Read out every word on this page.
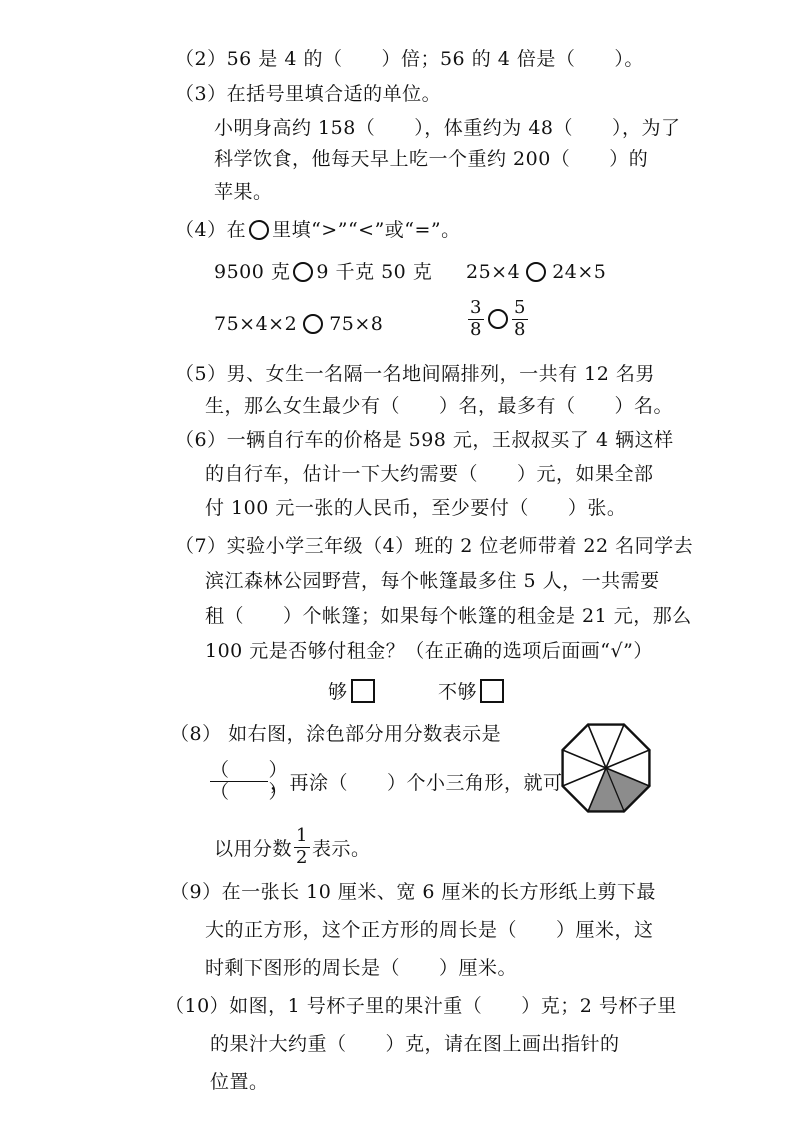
（2）56 是 4 的（　　）倍；56 的 4 倍是（　　）。
（3）在括号里填合适的单位。
小明身高约 158（　　），体重约为 48（　　），为了
科学饮食，他每天早上吃一个重约 200（　　）的
苹果。
（4）在 里填“>”“<”或“=”。
9500 克 9 千克 50 克 25×4 24×5
75×4×2 75×8	$\frac{3}{8} \frac{5}{8}$
（5）男、女生一名隔一名地间隔排列，一共有 12 名男
生，那么女生最少有（　　）名，最多有（　　）名。
（6）一辆自行车的价格是 598 元，王叔叔买了 4 辆这样
的自行车，估计一下大约需要（　　）元，如果全部
付 100 元一张的人民币，至少要付（　　）张。
（7）实验小学三年级（4）班的 2 位老师带着 22 名同学去
滨江森林公园野营，每个帐篷最多住 5 人，一共需要
租（　　）个帐篷；如果每个帐篷的租金是 21 元，那么
100 元是否够付租金？（在正确的选项后面画“√”）
够	不够
（8） 如右图，涂色部分用分数表示是
$\frac{( )}{( )}$ ，再涂（　　）个小三角形，就可
以用分数 $\frac{1}{2}$ 表示。
（9）在一张长 10 厘米、宽 6 厘米的长方形纸上剪下最
大的正方形，这个正方形的周长是（　　）厘米，这
时剩下图形的周长是（　　）厘米。
（10）如图，1 号杯子里的果汁重（　　）克；2 号杯子里
的果汁大约重（　　）克，请在图上画出指针的
位置。
